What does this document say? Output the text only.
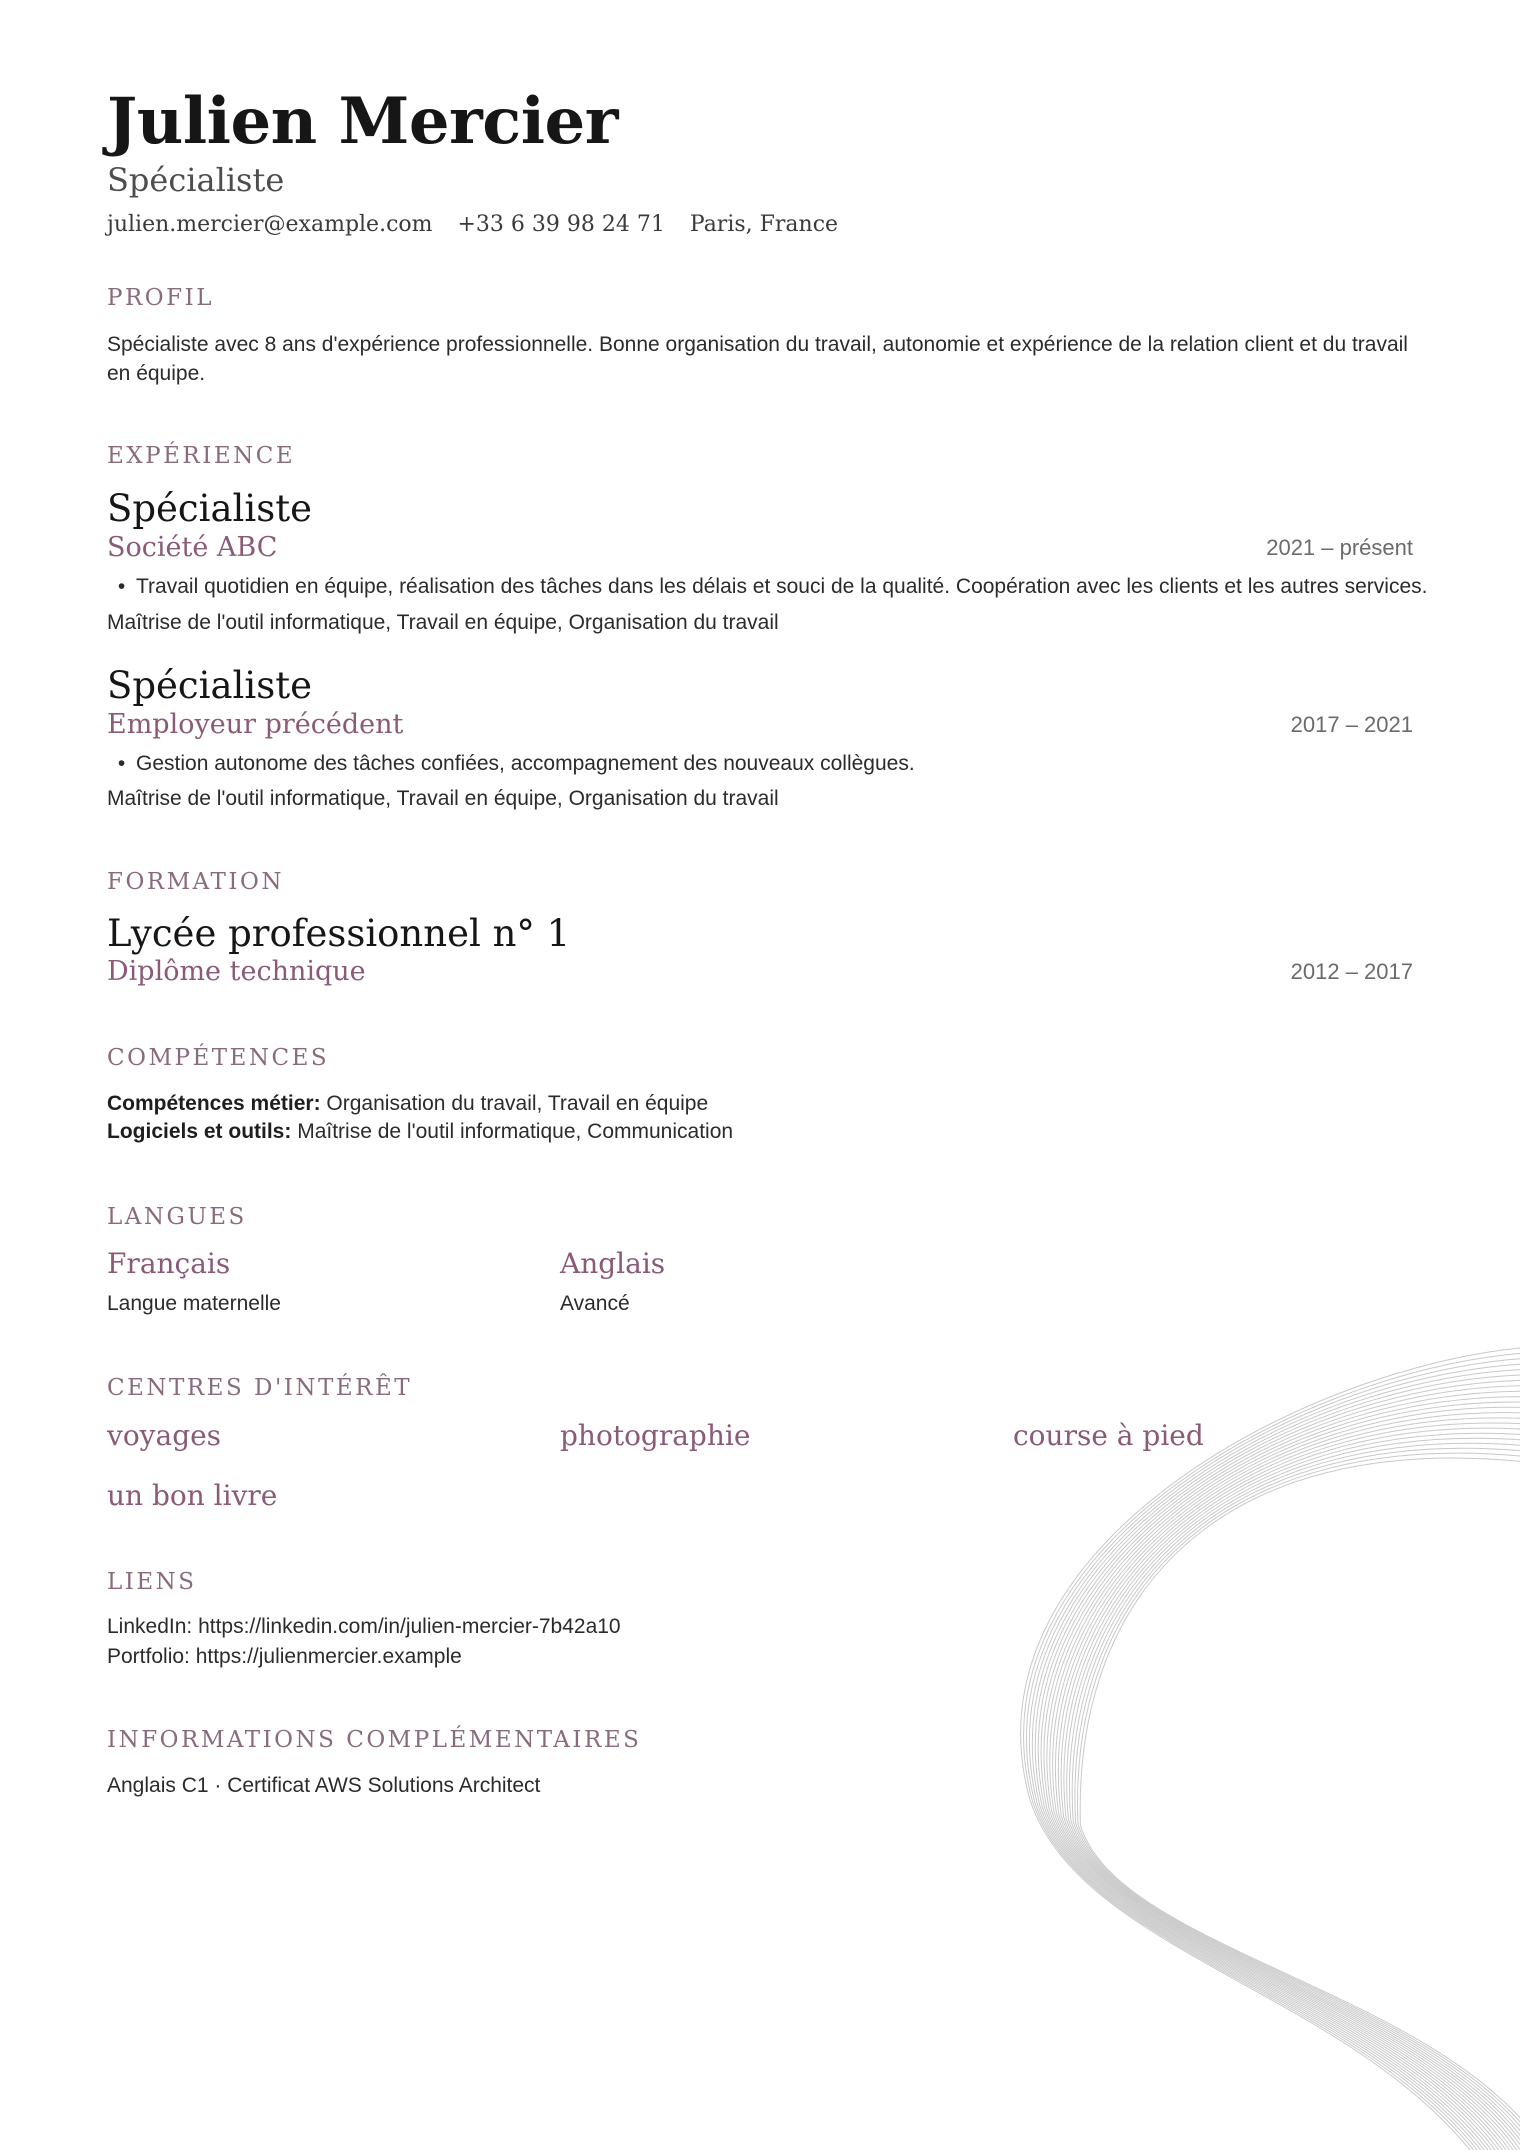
Julien Mercier
Spécialiste
julien.mercier@example.com +33 6 39 98 24 71 Paris, France
PROFIL
Spécialiste avec 8 ans d'expérience professionnelle. Bonne organisation du travail, autonomie et expérience de la relation client et du travail en équipe.
EXPÉRIENCE
Spécialiste
Société ABC	2021 – présent
• Travail quotidien en équipe, réalisation des tâches dans les délais et souci de la qualité. Coopération avec les clients et les autres services.
Maîtrise de l'outil informatique, Travail en équipe, Organisation du travail
Spécialiste
Employeur précédent	2017 – 2021
• Gestion autonome des tâches confiées, accompagnement des nouveaux collègues.
Maîtrise de l'outil informatique, Travail en équipe, Organisation du travail
FORMATION
Lycée professionnel n° 1
Diplôme technique	2012 – 2017
COMPÉTENCES
Compétences métier: Organisation du travail, Travail en équipe
Logiciels et outils: Maîtrise de l'outil informatique, Communication
LANGUES
Français
Langue maternelle
Anglais
Avancé
CENTRES D'INTÉRÊT
voyages	photographie	course à pied
un bon livre
LIENS
LinkedIn: https://linkedin.com/in/julien-mercier-7b42a10
Portfolio: https://julienmercier.example
INFORMATIONS COMPLÉMENTAIRES
Anglais C1 · Certificat AWS Solutions Architect
